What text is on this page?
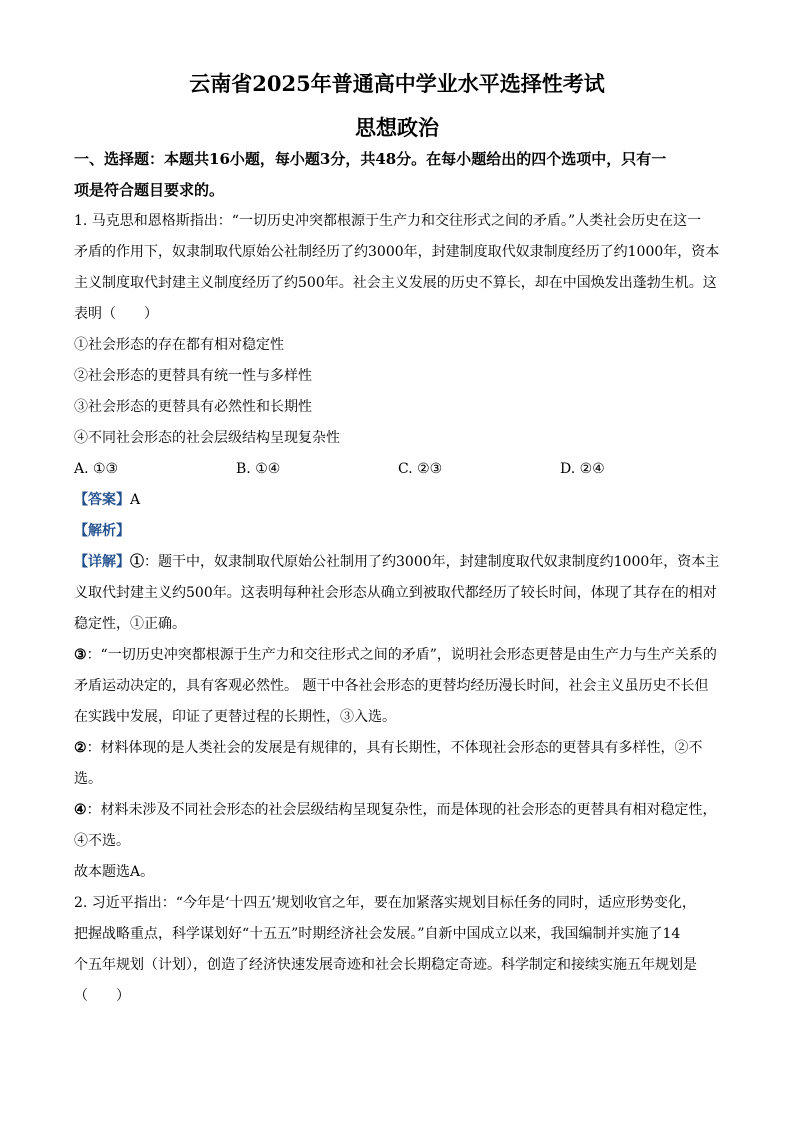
云南省2025年普通高中学业水平选择性考试
思想政治
一、选择题：本题共16小题，每小题3分，共48分。在每小题给出的四个选项中，只有一
项是符合题目要求的。
1. 马克思和恩格斯指出：“一切历史冲突都根源于生产力和交往形式之间的矛盾。”人类社会历史在这一
矛盾的作用下，奴隶制取代原始公社制经历了约3000年，封建制度取代奴隶制度经历了约1000年，资本
主义制度取代封建主义制度经历了约500年。社会主义发展的历史不算长，却在中国焕发出蓬勃生机。这
表明（　　）
①社会形态的存在都有相对稳定性
②社会形态的更替具有统一性与多样性
③社会形态的更替具有必然性和长期性
④不同社会形态的社会层级结构呈现复杂性
A. ①③	B. ①④	C. ②③	D. ②④
【答案】A
【解析】
【详解】①：题干中，奴隶制取代原始公社制用了约3000年，封建制度取代奴隶制度约1000年，资本主
义取代封建主义约500年。这表明每种社会形态从确立到被取代都经历了较长时间，体现了其存在的相对
稳定性，①正确。
③：“一切历史冲突都根源于生产力和交往形式之间的矛盾”，说明社会形态更替是由生产力与生产关系的
矛盾运动决定的，具有客观必然性。 题干中各社会形态的更替均经历漫长时间，社会主义虽历史不长但
在实践中发展，印证了更替过程的长期性，③入选。
②：材料体现的是人类社会的发展是有规律的，具有长期性，不体现社会形态的更替具有多样性，②不
选。
④：材料未涉及不同社会形态的社会层级结构呈现复杂性，而是体现的社会形态的更替具有相对稳定性，
④不选。
故本题选A。
2. 习近平指出：“今年是‘十四五’规划收官之年，要在加紧落实规划目标任务的同时，适应形势变化，
把握战略重点，科学谋划好“十五五”时期经济社会发展。”自新中国成立以来，我国编制并实施了14
个五年规划（计划），创造了经济快速发展奇迹和社会长期稳定奇迹。科学制定和接续实施五年规划是
（　　）
